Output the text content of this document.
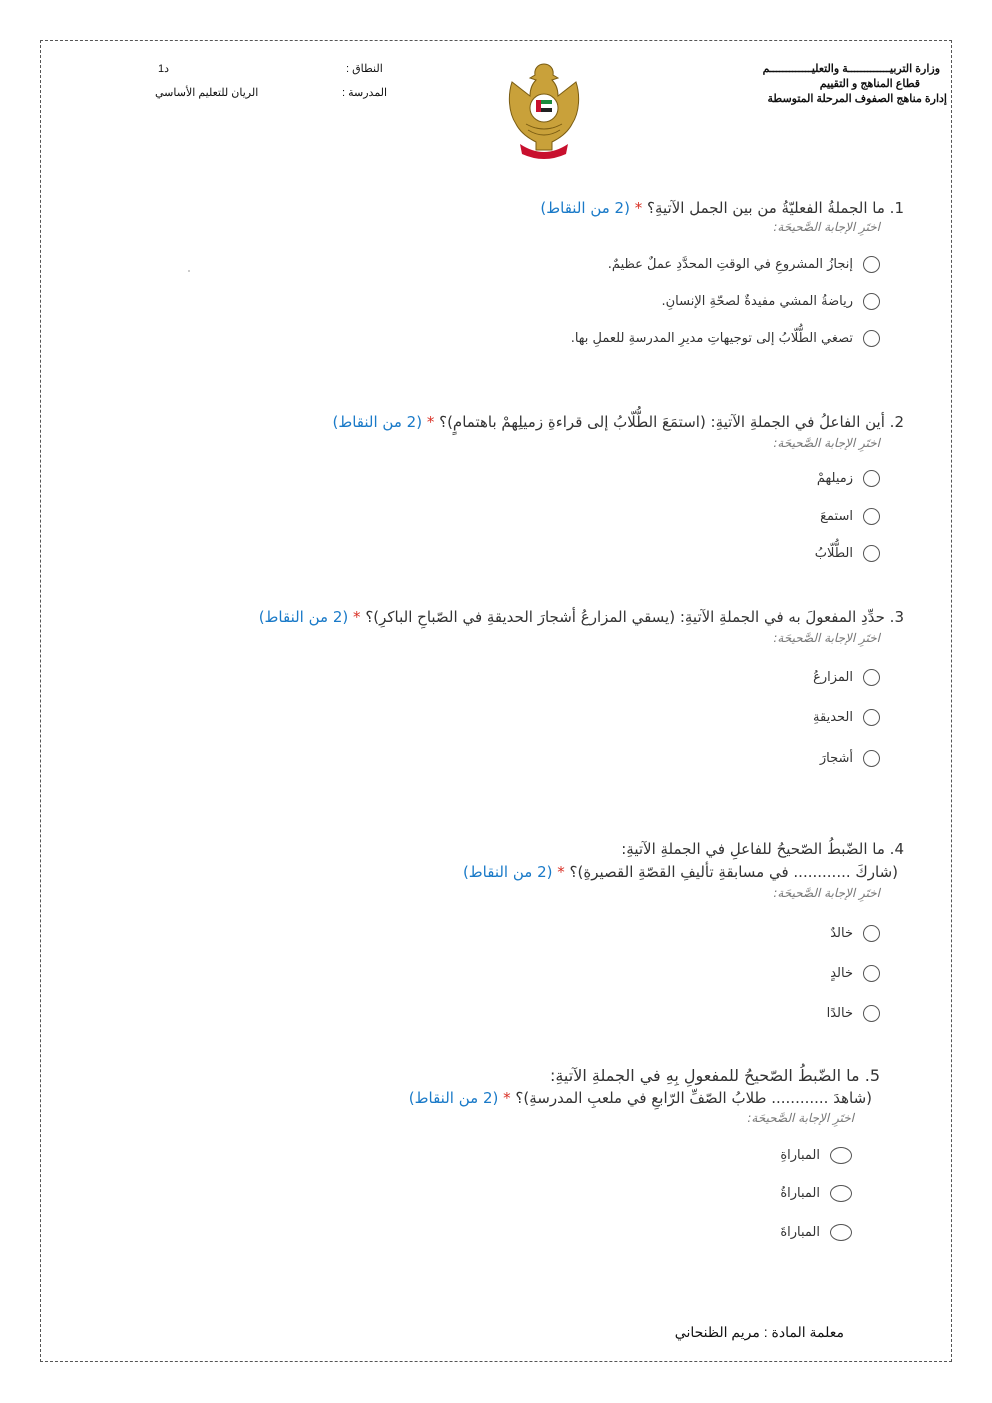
وزارة التربيـــــــــــــة والتعليـــــــــــــم
قطاع المناهج و التقييم
إدارة مناهج الصفوف المرحلة المتوسطة
النطاق :
د1
المدرسة :
الريان للتعليم الأساسي
1. ما الجملةُ الفعليّةُ من بين الجمل الآتيةِ؟ * (2 من النقاط)
اختَرِ الإجابة الصَّحيحَة:
إنجازُ المشروعِ في الوقتِ المحدَّدِ عملٌ عظيمٌ.
رياضةُ المشي مفيدةٌ لصحّةِ الإنسانِ.
تصغي الطُّلّابُ إلى توجيهاتِ مديرِ المدرسةِ للعملِ بها.
2. أين الفاعلُ في الجملةِ الآتيةِ: (استمَعَ الطُّلّابُ إلى قراءةِ زميلِهمْ باهتمامٍ)؟ * (2 من النقاط)
اختَرِ الإجابة الصَّحيحَة:
زميلهمْ
استمعَ
الطُّلّابُ
3. حدِّدِ المفعولَ به في الجملةِ الآتيةِ: (يسقي المزارعُ أشجارَ الحديقةِ في الصّباحِ الباكرِ)؟ * (2 من النقاط)
اختَرِ الإجابة الصَّحيحَة:
المزارعُ
الحديقةِ
أشجارَ
4. ما الضّبطُ الصّحيحُ للفاعلِ في الجملةِ الآتيةِ:
(شاركَ ............ في مسابقةِ تأليفِ القصّةِ القصيرةِ)؟ * (2 من النقاط)
اختَرِ الإجابة الصَّحيحَة:
خالدٌ
خالدٍ
خالدًا
5. ما الضّبطُ الصّحيحُ للمفعولِ بِهِ في الجملةِ الآتيةِ:
(شاهدَ ............ طلابُ الصّفِّ الرّابعِ في ملعبِ المدرسةِ)؟ * (2 من النقاط)
اختَرِ الإجابة الصَّحيحَة:
المباراةِ
المباراةُ
المباراةَ
معلمة المادة : مريم الظنحاني
